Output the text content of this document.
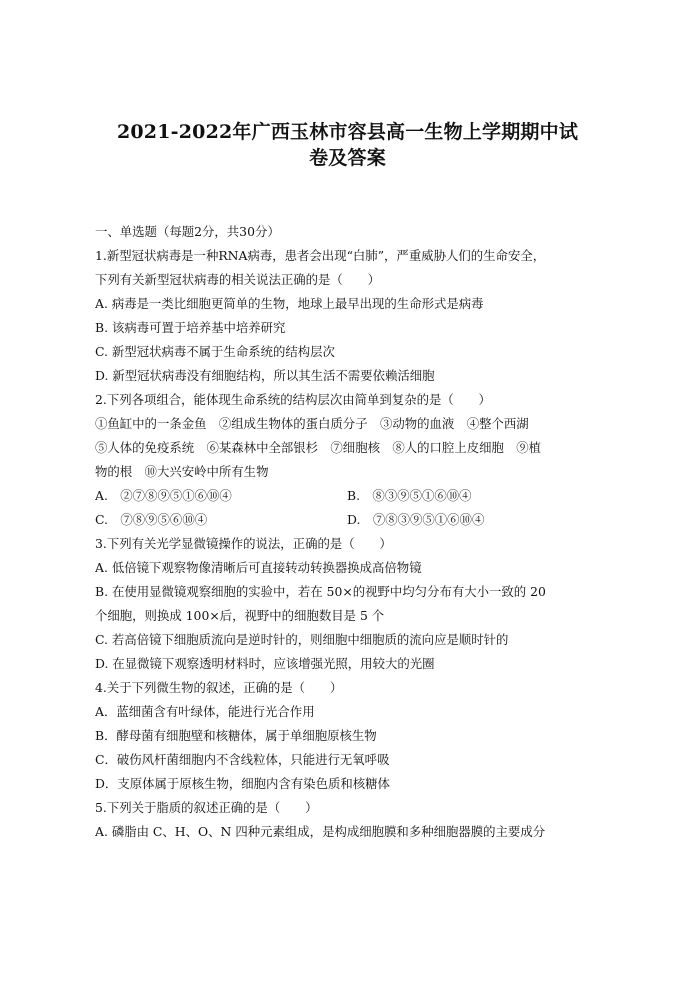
2021-2022年广西玉林市容县高一生物上学期期中试
卷及答案
一、单选题（每题2分，共30分）
1.新型冠状病毒是一种RNA病毒，患者会出现“白肺”，严重威胁人们的生命安全，
下列有关新型冠状病毒的相关说法正确的是（　　）
A. 病毒是一类比细胞更简单的生物，地球上最早出现的生命形式是病毒
B. 该病毒可置于培养基中培养研究
C. 新型冠状病毒不属于生命系统的结构层次
D. 新型冠状病毒没有细胞结构，所以其生活不需要依赖活细胞
2.下列各项组合，能体现生命系统的结构层次由简单到复杂的是（　　）
①鱼缸中的一条金鱼　②组成生物体的蛋白质分子　③动物的血液　④整个西湖
⑤人体的免疫系统　⑥某森林中全部银杉　⑦细胞核　⑧人的口腔上皮细胞　⑨植
物的根　⑩大兴安岭中所有生物
A.　②⑦⑧⑨⑤①⑥⑩④	B.　⑧③⑨⑤①⑥⑩④
C.　⑦⑧⑨⑤⑥⑩④	D.　⑦⑧③⑨⑤①⑥⑩④
3.下列有关光学显微镜操作的说法，正确的是（　　）
A. 低倍镜下观察物像清晰后可直接转动转换器换成高倍物镜
B. 在使用显微镜观察细胞的实验中，若在 50×的视野中均匀分布有大小一致的 20
个细胞，则换成 100×后，视野中的细胞数目是 5 个
C. 若高倍镜下细胞质流向是逆时针的，则细胞中细胞质的流向应是顺时针的
D. 在显微镜下观察透明材料时，应该增强光照，用较大的光圈
4.关于下列微生物的叙述，正确的是（　　）
A．蓝细菌含有叶绿体，能进行光合作用
B．酵母菌有细胞壁和核糖体，属于单细胞原核生物
C．破伤风杆菌细胞内不含线粒体，只能进行无氧呼吸
D．支原体属于原核生物，细胞内含有染色质和核糖体
5.下列关于脂质的叙述正确的是（　　）
A. 磷脂由 C、H、O、N 四种元素组成，是构成细胞膜和多种细胞器膜的主要成分
